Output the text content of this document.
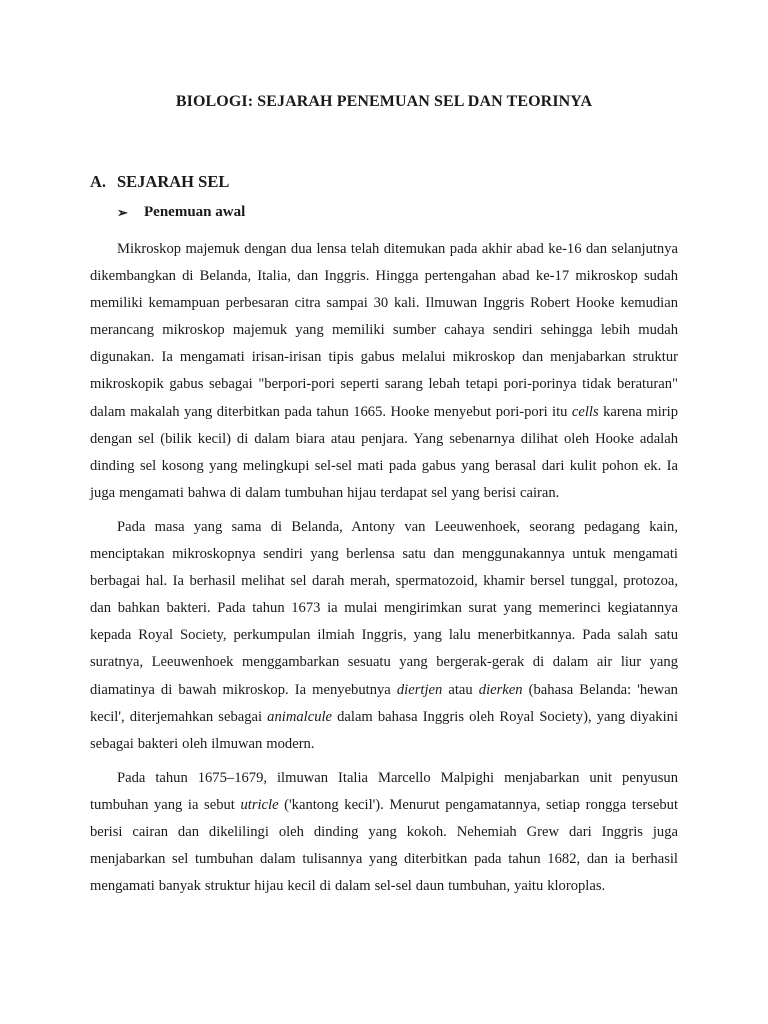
BIOLOGI: SEJARAH PENEMUAN SEL DAN TEORINYA
A. SEJARAH SEL
➢	Penemuan awal

Mikroskop majemuk dengan dua lensa telah ditemukan pada akhir abad ke-16 dan selanjutnya dikembangkan di Belanda, Italia, dan Inggris. Hingga pertengahan abad ke-17 mikroskop sudah memiliki kemampuan perbesaran citra sampai 30 kali. Ilmuwan Inggris Robert Hooke kemudian merancang mikroskop majemuk yang memiliki sumber cahaya sendiri sehingga lebih mudah digunakan. Ia mengamati irisan-irisan tipis gabus melalui mikroskop dan menjabarkan struktur mikroskopik gabus sebagai "berpori-pori seperti sarang lebah tetapi pori-porinya tidak beraturan" dalam makalah yang diterbitkan pada tahun 1665. Hooke menyebut pori-pori itu cells karena mirip dengan sel (bilik kecil) di dalam biara atau penjara. Yang sebenarnya dilihat oleh Hooke adalah dinding sel kosong yang melingkupi sel-sel mati pada gabus yang berasal dari kulit pohon ek. Ia juga mengamati bahwa di dalam tumbuhan hijau terdapat sel yang berisi cairan.

Pada masa yang sama di Belanda, Antony van Leeuwenhoek, seorang pedagang kain, menciptakan mikroskopnya sendiri yang berlensa satu dan menggunakannya untuk mengamati berbagai hal. Ia berhasil melihat sel darah merah, spermatozoid, khamir bersel tunggal, protozoa, dan bahkan bakteri. Pada tahun 1673 ia mulai mengirimkan surat yang memerinci kegiatannya kepada Royal Society, perkumpulan ilmiah Inggris, yang lalu menerbitkannya. Pada salah satu suratnya, Leeuwenhoek menggambarkan sesuatu yang bergerak-gerak di dalam air liur yang diamatinya di bawah mikroskop. Ia menyebutnya diertjen atau dierken (bahasa Belanda: 'hewan kecil', diterjemahkan sebagai animalcule dalam bahasa Inggris oleh Royal Society), yang diyakini sebagai bakteri oleh ilmuwan modern.

Pada tahun 1675–1679, ilmuwan Italia Marcello Malpighi menjabarkan unit penyusun tumbuhan yang ia sebut utricle ('kantong kecil'). Menurut pengamatannya, setiap rongga tersebut berisi cairan dan dikelilingi oleh dinding yang kokoh. Nehemiah Grew dari Inggris juga menjabarkan sel tumbuhan dalam tulisannya yang diterbitkan pada tahun 1682, dan ia berhasil mengamati banyak struktur hijau kecil di dalam sel-sel daun tumbuhan, yaitu kloroplas.
